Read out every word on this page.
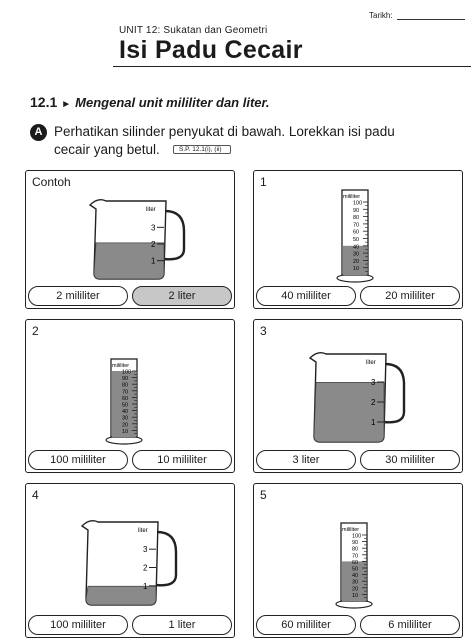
Tarikh:
UNIT 12: Sukatan dan Geometri
Isi Padu Cecair
12.1 ► Mengenal unit mililiter dan liter.
A Perhatikan silinder penyukat di bawah. Lorekkan isi padu
cecair yang betul.	S.P. 12.1(i), (ii)
Contoh
liter
3
2
1
2 mililiter	2 liter
1
mililiter
100
90
80
70
60
50
40
30
20
10
40 mililiter	20 mililiter
2
mililiter
100
90
80
70
60
50
40
30
20
10
100 mililiter	10 mililiter
3
liter
3
2
1
3 liter	30 mililiter
4
liter
3
2
1
100 mililiter	1 liter
5
mililiter
100
90
80
70
60
50
40
30
20
10
60 mililiter	6 mililiter
